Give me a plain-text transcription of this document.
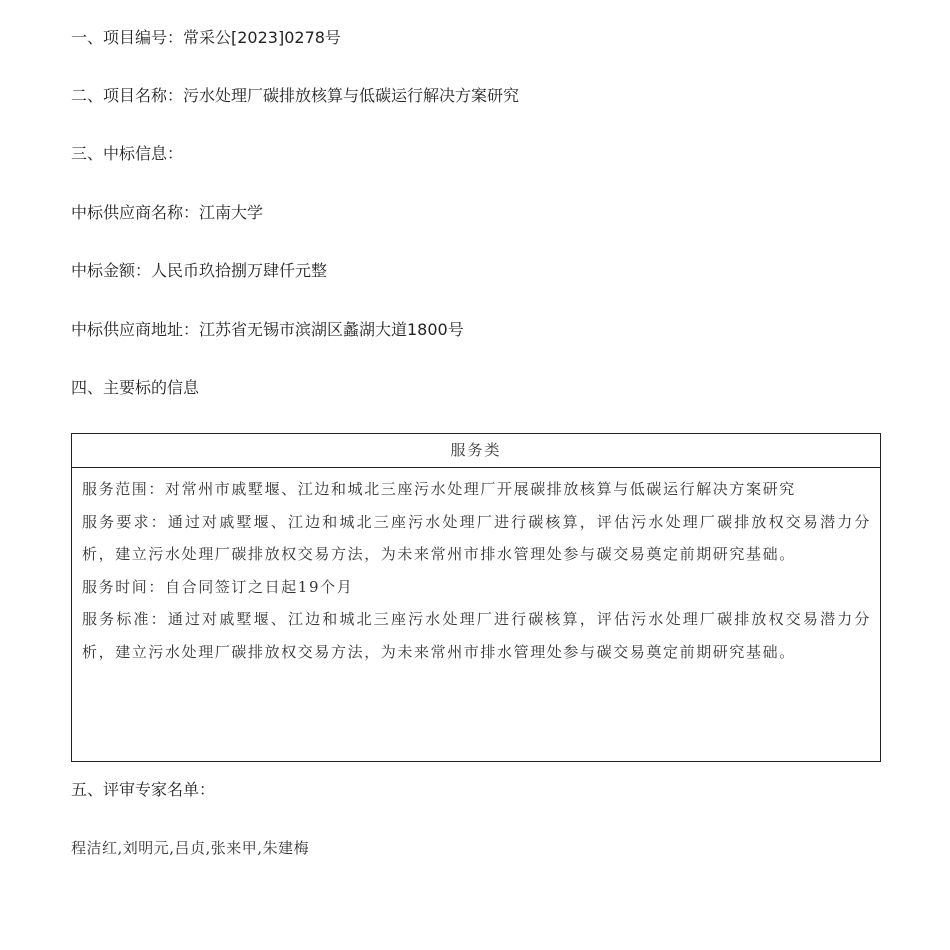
一、项目编号：常采公[2023]0278号
二、项目名称：污水处理厂碳排放核算与低碳运行解决方案研究
三、中标信息：
中标供应商名称：江南大学
中标金额：人民币玖拾捌万肆仟元整
中标供应商地址：江苏省无锡市滨湖区蠡湖大道1800号
四、主要标的信息
服务类

服务范围：对常州市戚墅堰、江边和城北三座污水处理厂开展碳排放核算与低碳运行解决方案研究

服务要求：通过对戚墅堰、江边和城北三座污水处理厂进行碳核算，评估污水处理厂碳排放权交易潜力分析，建立污水处理厂碳排放权交易方法，为未来常州市排水管理处参与碳交易奠定前期研究基础。

服务时间：自合同签订之日起19个月

服务标准：通过对戚墅堰、江边和城北三座污水处理厂进行碳核算，评估污水处理厂碳排放权交易潜力分析，建立污水处理厂碳排放权交易方法，为未来常州市排水管理处参与碳交易奠定前期研究基础。

五、评审专家名单：
程洁红,刘明元,吕贞,张来甲,朱建梅
